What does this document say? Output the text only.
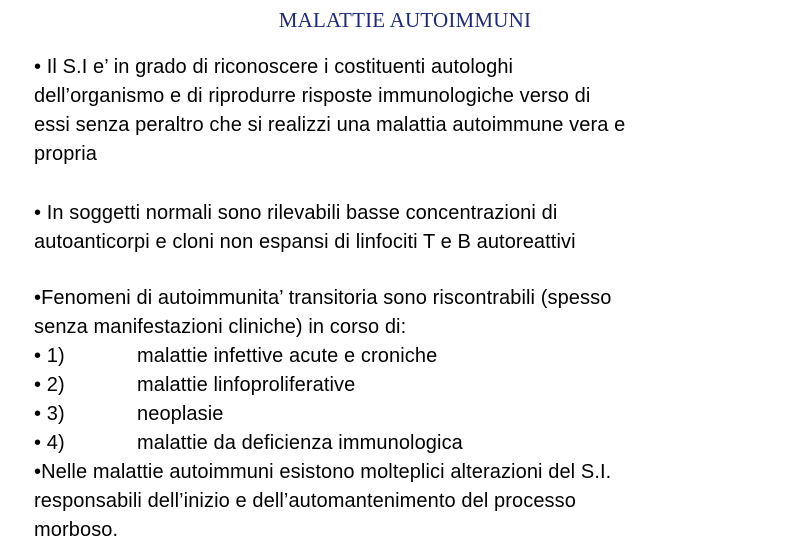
MALATTIE AUTOIMMUNI
• Il S.I e’ in grado di riconoscere i costituenti autologhi
dell’organismo e di riprodurre risposte immunologiche verso di
essi senza peraltro che si realizzi una malattia autoimmune vera e
propria
• In soggetti normali sono rilevabili basse concentrazioni di
autoanticorpi e cloni non espansi di linfociti T e B autoreattivi
•Fenomeni di autoimmunita’ transitoria sono riscontrabili (spesso
senza manifestazioni cliniche) in corso di:
• 1)	malattie infettive acute e croniche
• 2)	malattie linfoproliferative
• 3)	neoplasie
• 4)	malattie da deficienza immunologica
•Nelle malattie autoimmuni esistono molteplici alterazioni del S.I.
responsabili dell’inizio e dell’automantenimento del processo
morboso.
